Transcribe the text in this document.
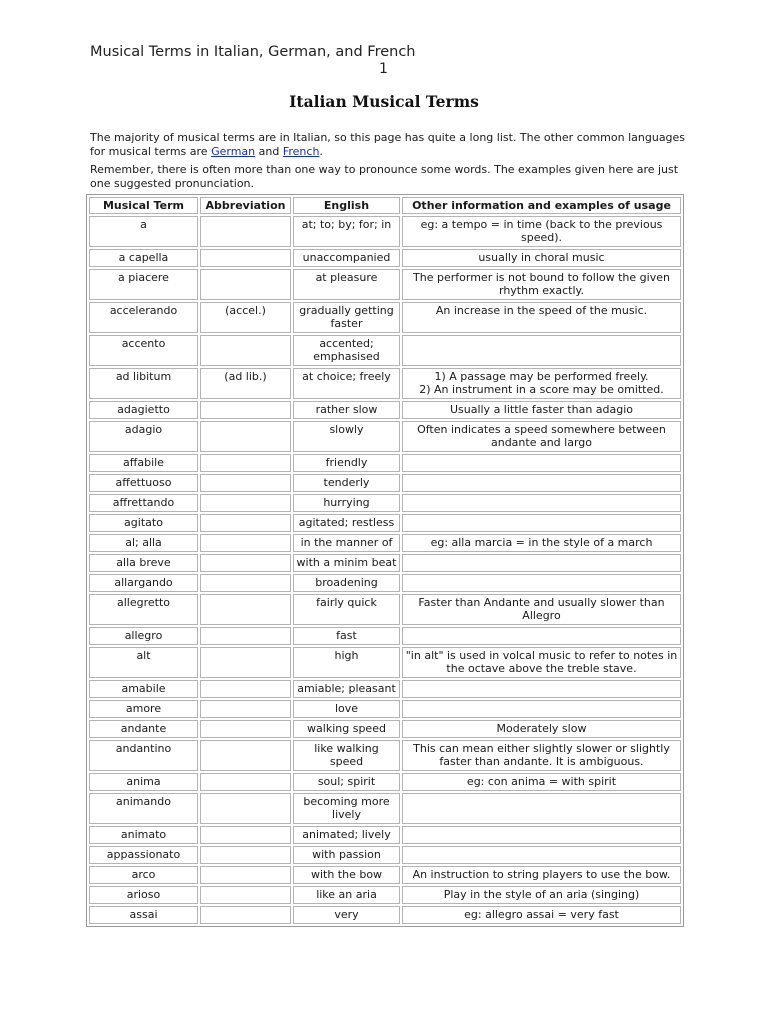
Musical Terms in Italian, German, and French
1
Italian Musical Terms
The majority of musical terms are in Italian, so this page has quite a long list. The other common languages for musical terms are German and French.
Remember, there is often more than one way to pronounce some words. The examples given here are just one suggested pronunciation.
Musical Term	Abbreviation	English	Other information and examples of usage
a		at; to; by; for; in	eg: a tempo = in time (back to the previous speed).
a capella		unaccompanied	usually in choral music
a piacere		at pleasure	The performer is not bound to follow the given rhythm exactly.
accelerando	(accel.)	gradually getting faster	An increase in the speed of the music.
accento		accented; emphasised	
ad libitum	(ad lib.)	at choice; freely	1) A passage may be performed freely.
2) An instrument in a score may be omitted.

adagietto		rather slow	Usually a little faster than adagio
adagio		slowly	Often indicates a speed somewhere between andante and largo
affabile		friendly	
affettuoso		tenderly	
affrettando		hurrying	
agitato		agitated; restless	
al; alla		in the manner of	eg: alla marcia = in the style of a march
alla breve		with a minim beat	
allargando		broadening	
allegretto		fairly quick	Faster than Andante and usually slower than Allegro
allegro		fast	
alt		high	"in alt" is used in volcal music to refer to notes in the octave above the treble stave.
amabile		amiable; pleasant	
amore		love	
andante		walking speed	Moderately slow
andantino		like walking speed	This can mean either slightly slower or slightly faster than andante. It is ambiguous.
anima		soul; spirit	eg: con anima = with spirit
animando		becoming more lively	
animato		animated; lively	
appassionato		with passion	
arco		with the bow	An instruction to string players to use the bow.
arioso		like an aria	Play in the style of an aria (singing)
assai		very	eg: allegro assai = very fast
